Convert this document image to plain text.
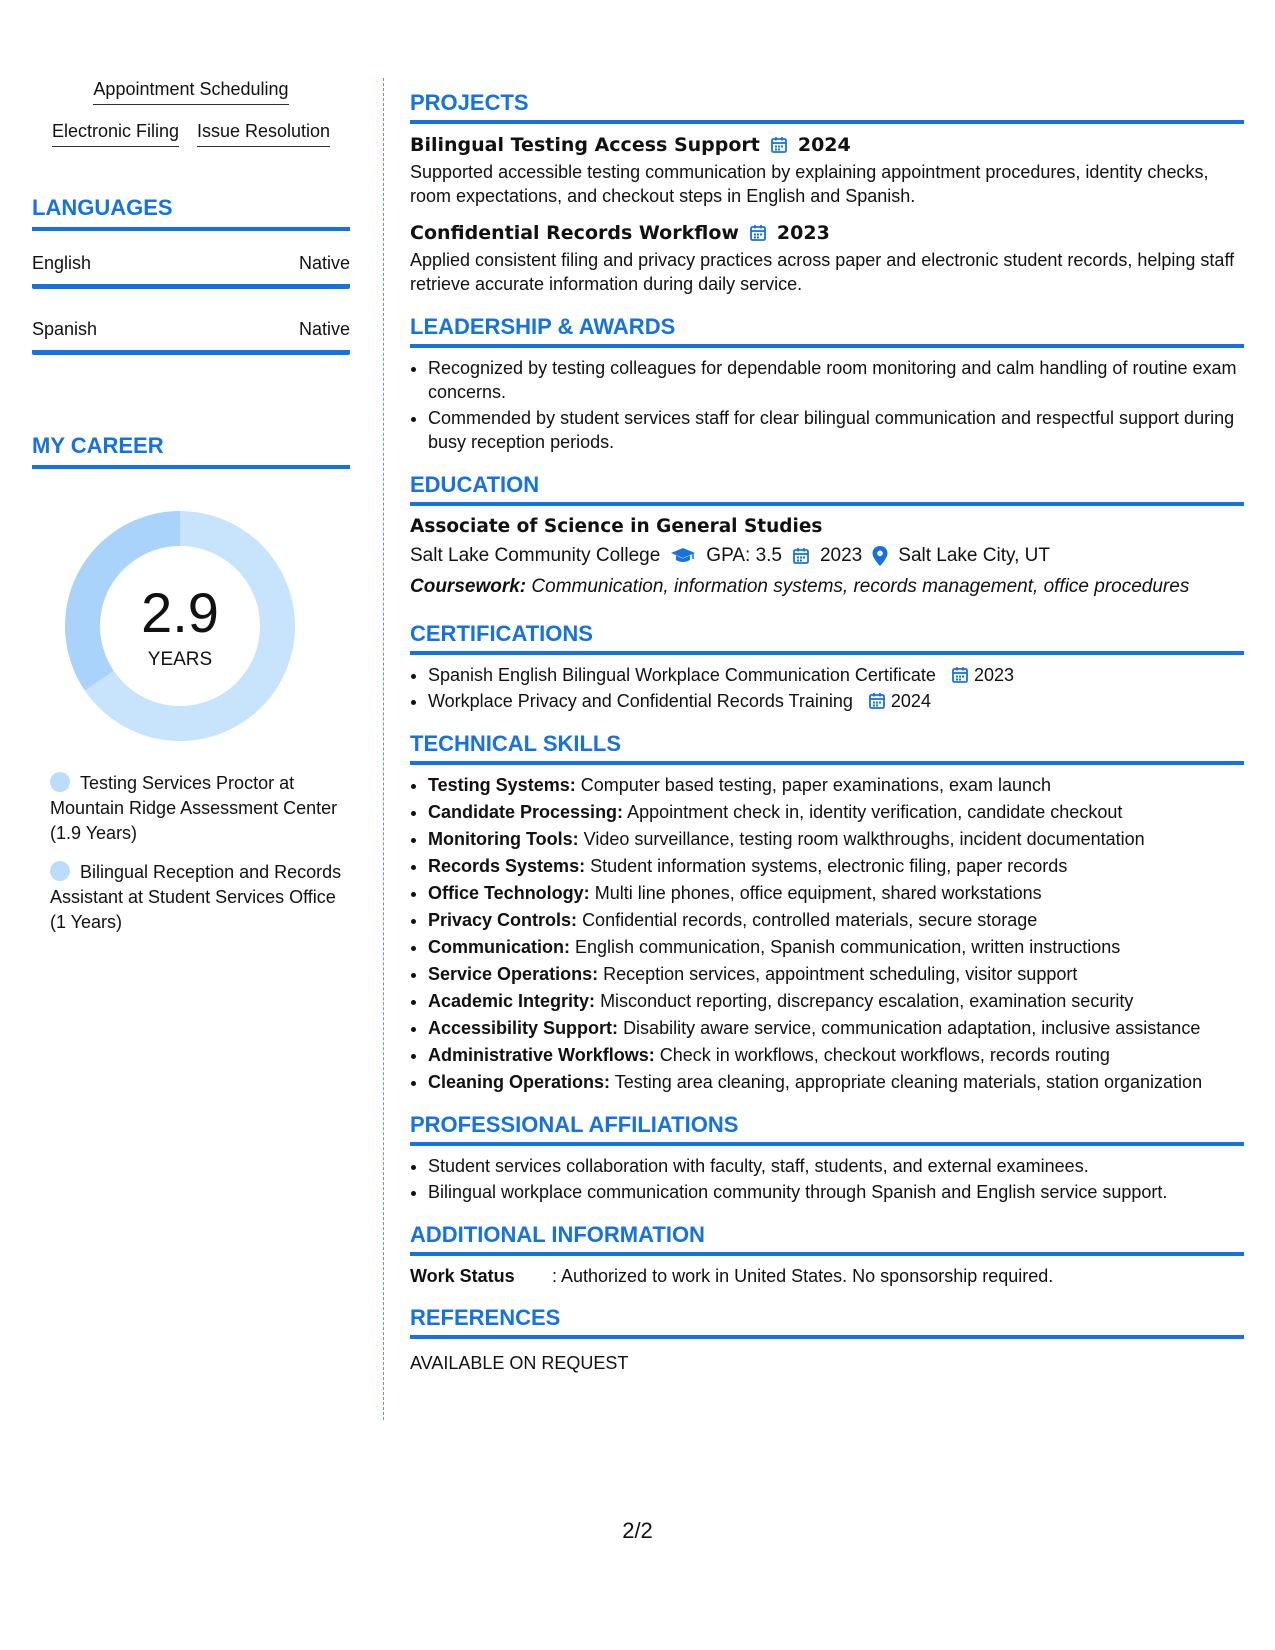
Appointment Scheduling
Electronic Filing Issue Resolution
LANGUAGES
English	Native
Spanish	Native
MY CAREER
2.9
YEARS
Testing Services Proctor at Mountain Ridge Assessment Center (1.9 Years)
Bilingual Reception and Records Assistant at Student Services Office (1 Years)
PROJECTS
Bilingual Testing Access Support 2024
Supported accessible testing communication by explaining appointment procedures, identity checks, room expectations, and checkout steps in English and Spanish.
Confidential Records Workflow 2023
Applied consistent filing and privacy practices across paper and electronic student records, helping staff retrieve accurate information during daily service.
LEADERSHIP & AWARDS
• Recognized by testing colleagues for dependable room monitoring and calm handling of routine exam concerns.
• Commended by student services staff for clear bilingual communication and respectful support during busy reception periods.
EDUCATION
Associate of Science in General Studies
Salt Lake Community College GPA: 3.5 2023 Salt Lake City, UT
Coursework: Communication, information systems, records management, office procedures
CERTIFICATIONS
• Spanish English Bilingual Workplace Communication Certificate 2023
• Workplace Privacy and Confidential Records Training 2024
TECHNICAL SKILLS
• Testing Systems: Computer based testing, paper examinations, exam launch
• Candidate Processing: Appointment check in, identity verification, candidate checkout
• Monitoring Tools: Video surveillance, testing room walkthroughs, incident documentation
• Records Systems: Student information systems, electronic filing, paper records
• Office Technology: Multi line phones, office equipment, shared workstations
• Privacy Controls: Confidential records, controlled materials, secure storage
• Communication: English communication, Spanish communication, written instructions
• Service Operations: Reception services, appointment scheduling, visitor support
• Academic Integrity: Misconduct reporting, discrepancy escalation, examination security
• Accessibility Support: Disability aware service, communication adaptation, inclusive assistance
• Administrative Workflows: Check in workflows, checkout workflows, records routing
• Cleaning Operations: Testing area cleaning, appropriate cleaning materials, station organization
PROFESSIONAL AFFILIATIONS
• Student services collaboration with faculty, staff, students, and external examinees.
• Bilingual workplace communication community through Spanish and English service support.
ADDITIONAL INFORMATION
Work Status	: Authorized to work in United States. No sponsorship required.
REFERENCES
AVAILABLE ON REQUEST
2/2
